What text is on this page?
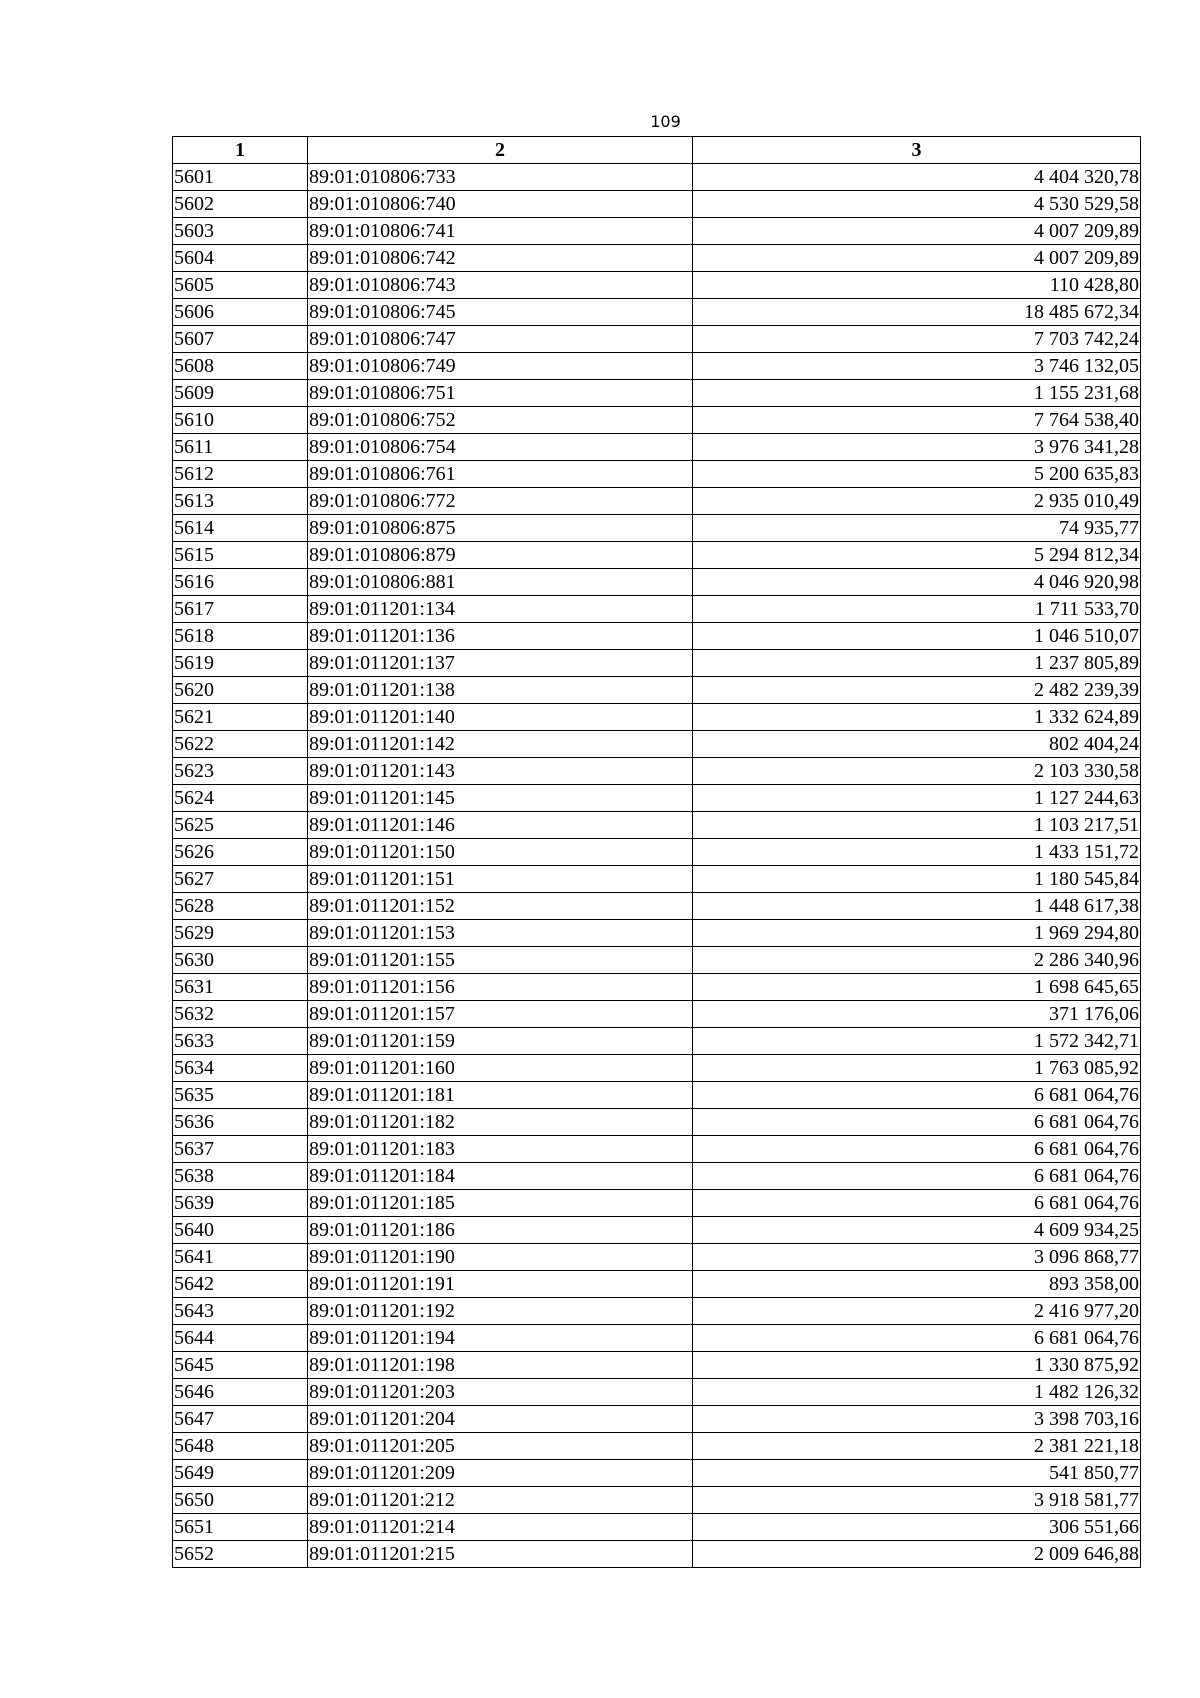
109
1	2	3
5601	89:01:010806:733	4 404 320,78
5602	89:01:010806:740	4 530 529,58
5603	89:01:010806:741	4 007 209,89
5604	89:01:010806:742	4 007 209,89
5605	89:01:010806:743	110 428,80
5606	89:01:010806:745	18 485 672,34
5607	89:01:010806:747	7 703 742,24
5608	89:01:010806:749	3 746 132,05
5609	89:01:010806:751	1 155 231,68
5610	89:01:010806:752	7 764 538,40
5611	89:01:010806:754	3 976 341,28
5612	89:01:010806:761	5 200 635,83
5613	89:01:010806:772	2 935 010,49
5614	89:01:010806:875	74 935,77
5615	89:01:010806:879	5 294 812,34
5616	89:01:010806:881	4 046 920,98
5617	89:01:011201:134	1 711 533,70
5618	89:01:011201:136	1 046 510,07
5619	89:01:011201:137	1 237 805,89
5620	89:01:011201:138	2 482 239,39
5621	89:01:011201:140	1 332 624,89
5622	89:01:011201:142	802 404,24
5623	89:01:011201:143	2 103 330,58
5624	89:01:011201:145	1 127 244,63
5625	89:01:011201:146	1 103 217,51
5626	89:01:011201:150	1 433 151,72
5627	89:01:011201:151	1 180 545,84
5628	89:01:011201:152	1 448 617,38
5629	89:01:011201:153	1 969 294,80
5630	89:01:011201:155	2 286 340,96
5631	89:01:011201:156	1 698 645,65
5632	89:01:011201:157	371 176,06
5633	89:01:011201:159	1 572 342,71
5634	89:01:011201:160	1 763 085,92
5635	89:01:011201:181	6 681 064,76
5636	89:01:011201:182	6 681 064,76
5637	89:01:011201:183	6 681 064,76
5638	89:01:011201:184	6 681 064,76
5639	89:01:011201:185	6 681 064,76
5640	89:01:011201:186	4 609 934,25
5641	89:01:011201:190	3 096 868,77
5642	89:01:011201:191	893 358,00
5643	89:01:011201:192	2 416 977,20
5644	89:01:011201:194	6 681 064,76
5645	89:01:011201:198	1 330 875,92
5646	89:01:011201:203	1 482 126,32
5647	89:01:011201:204	3 398 703,16
5648	89:01:011201:205	2 381 221,18
5649	89:01:011201:209	541 850,77
5650	89:01:011201:212	3 918 581,77
5651	89:01:011201:214	306 551,66
5652	89:01:011201:215	2 009 646,88
